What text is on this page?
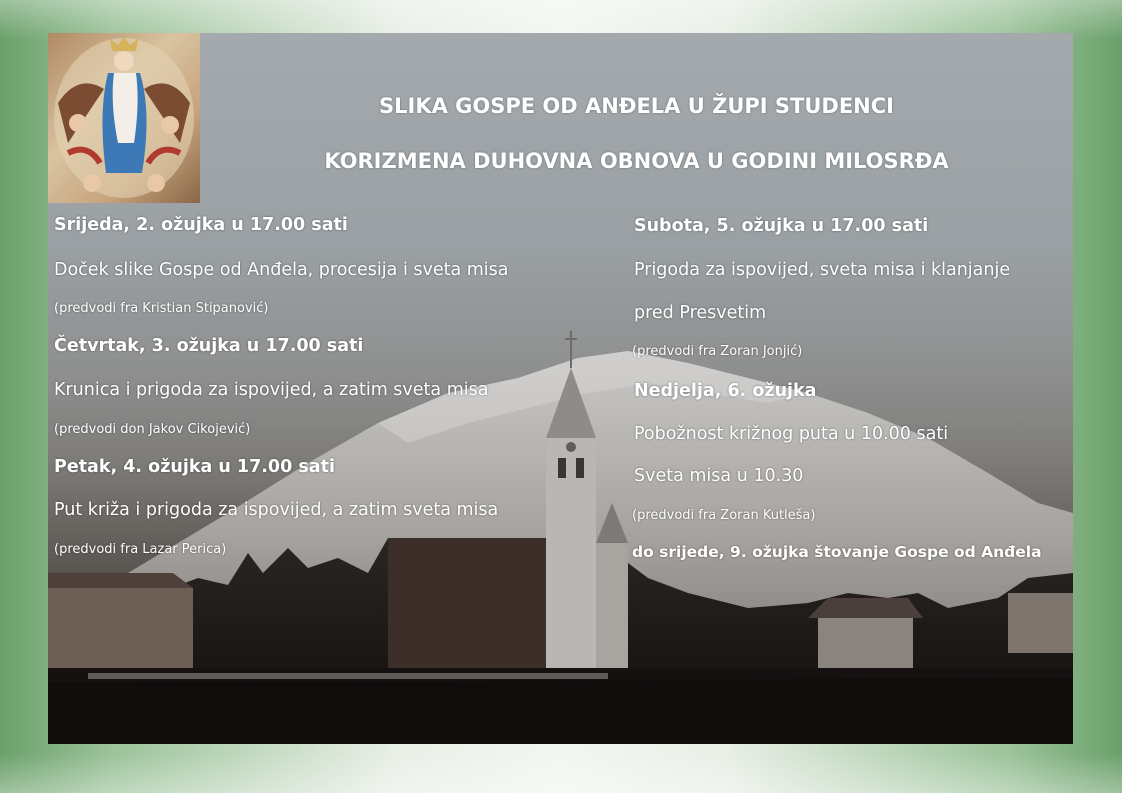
SLIKA GOSPE OD ANĐELA U ŽUPI STUDENCI
KORIZMENA DUHOVNA OBNOVA U GODINI MILOSRĐA

Srijeda, 2. ožujka u 17.00 sati

Doček slike Gospe od Anđela, procesija i sveta misa

(predvodi fra Kristian Stipanović)

Četvrtak, 3. ožujka u 17.00 sati

Krunica i prigoda za ispovijed, a zatim sveta misa

(predvodi don Jakov Cikojević)

Petak, 4. ožujka u 17.00 sati

Put križa i prigoda za ispovijed, a zatim sveta misa

(predvodi fra Lazar Perica)

Subota, 5. ožujka u 17.00 sati

Prigoda za ispovijed, sveta misa i klanjanje

pred Presvetim

(predvodi fra Zoran Jonjić)

Nedjelja, 6. ožujka

Pobožnost križnog puta u 10.00 sati

Sveta misa u 10.30

(predvodi fra Zoran Kutleša)

do srijede, 9. ožujka štovanje Gospe od Anđela
